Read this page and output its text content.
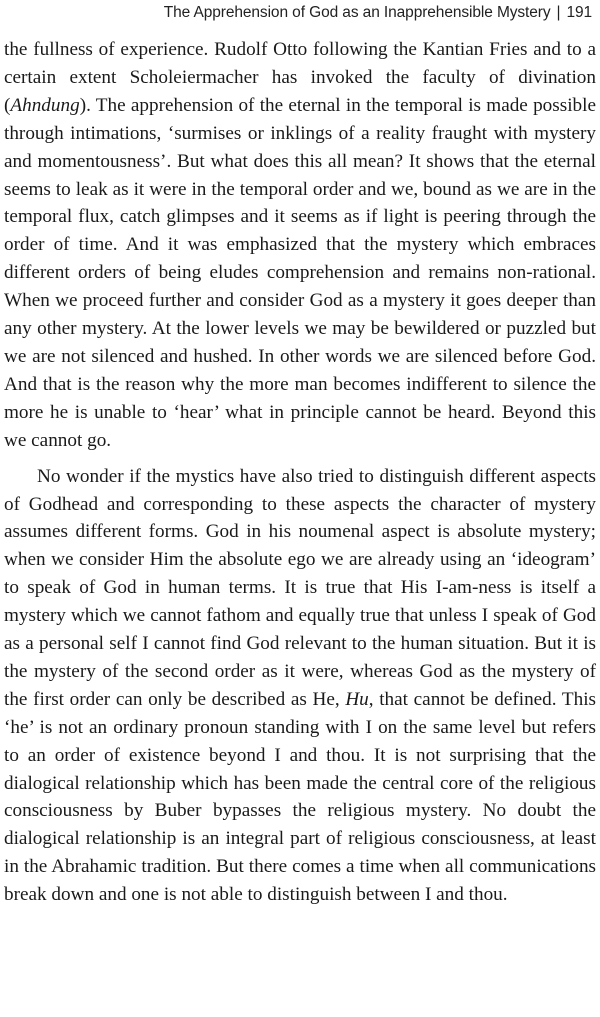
The Apprehension of God as an Inapprehensible Mystery | 191

the fullness of experience. Rudolf Otto following the Kantian Fries and to a certain extent Scholeiermacher has invoked the faculty of divination (Ahndung). The apprehension of the eternal in the temporal is made possible through intimations, ‘surmises or inklings of a reality fraught with mystery and momentousness’. But what does this all mean? It shows that the eternal seems to leak as it were in the temporal order and we, bound as we are in the temporal flux, catch glimpses and it seems as if light is peering through the order of time. And it was emphasized that the mystery which embraces different orders of being eludes comprehension and remains non-rational. When we proceed further and consider God as a mystery it goes deeper than any other mystery. At the lower levels we may be bewildered or puzzled but we are not silenced and hushed. In other words we are silenced before God. And that is the reason why the more man becomes indifferent to silence the more he is unable to ‘hear’ what in principle cannot be heard. Beyond this we cannot go.

No wonder if the mystics have also tried to distinguish different aspects of Godhead and corresponding to these aspects the character of mystery assumes different forms. God in his noumenal aspect is absolute mystery; when we consider Him the absolute ego we are already using an ‘ideogram’ to speak of God in human terms. It is true that His I-am-ness is itself a mystery which we cannot fathom and equally true that unless I speak of God as a personal self I cannot find God relevant to the human situation. But it is the mystery of the second order as it were, whereas God as the mystery of the first order can only be described as He, Hu, that cannot be defined. This ‘he’ is not an ordinary pronoun standing with I on the same level but refers to an order of existence beyond I and thou. It is not surprising that the dialogical relationship which has been made the central core of the religious consciousness by Buber bypasses the religious mystery. No doubt the dialogical relationship is an integral part of religious consciousness, at least in the Abrahamic tradition. But there comes a time when all communications break down and one is not able to distinguish between I and thou.
